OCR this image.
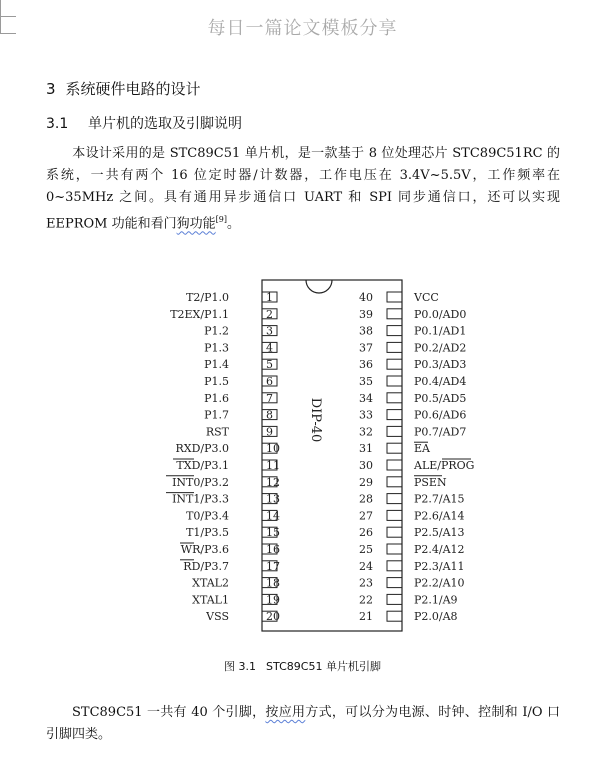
每日一篇论文模板分享
3 系统硬件电路的设计
3.1 单片机的选取及引脚说明
本设计采用的是 STC89C51 单片机，是一款基于 8 位处理芯片 STC89C51RC 的系统，一共有两个 16 位定时器/计数器，工作电压在 3.4V~5.5V，工作频率在 0~35MHz 之间。具有通用异步通信口 UART 和 SPI 同步通信口，还可以实现 EEPROM 功能和看门狗功能[9]。
DIP-40
1
T2/P1.0
2
T2EX/P1.1
3
P1.2
4
P1.3
5
P1.4
6
P1.5
7
P1.6
8
P1.7
9
RST
10
RXD/P3.0
11
TXD/P3.1
12
INT0/P3.2
13
INT1/P3.3
14
T0/P3.4
15
T1/P3.5
16
WR/P3.6
17
RD/P3.7
18
XTAL2
19
XTAL1
20
VSS
40	VCC
39	P0.0/AD0
38	P0.1/AD1
37	P0.2/AD2
36	P0.3/AD3
35	P0.4/AD4
34	P0.5/AD5
33	P0.6/AD6
32	P0.7/AD7
31	EA
30	ALE/PROG
29	PSEN
28	P2.7/A15
27	P2.6/A14
26	P2.5/A13
25	P2.4/A12
24	P2.3/A11
23	P2.2/A10
22	P2.1/A9
21	P2.0/A8
图 3.1 STC89C51 单片机引脚
STC89C51 一共有 40 个引脚，按应用方式，可以分为电源、时钟、控制和 I/O 口引脚四类。
